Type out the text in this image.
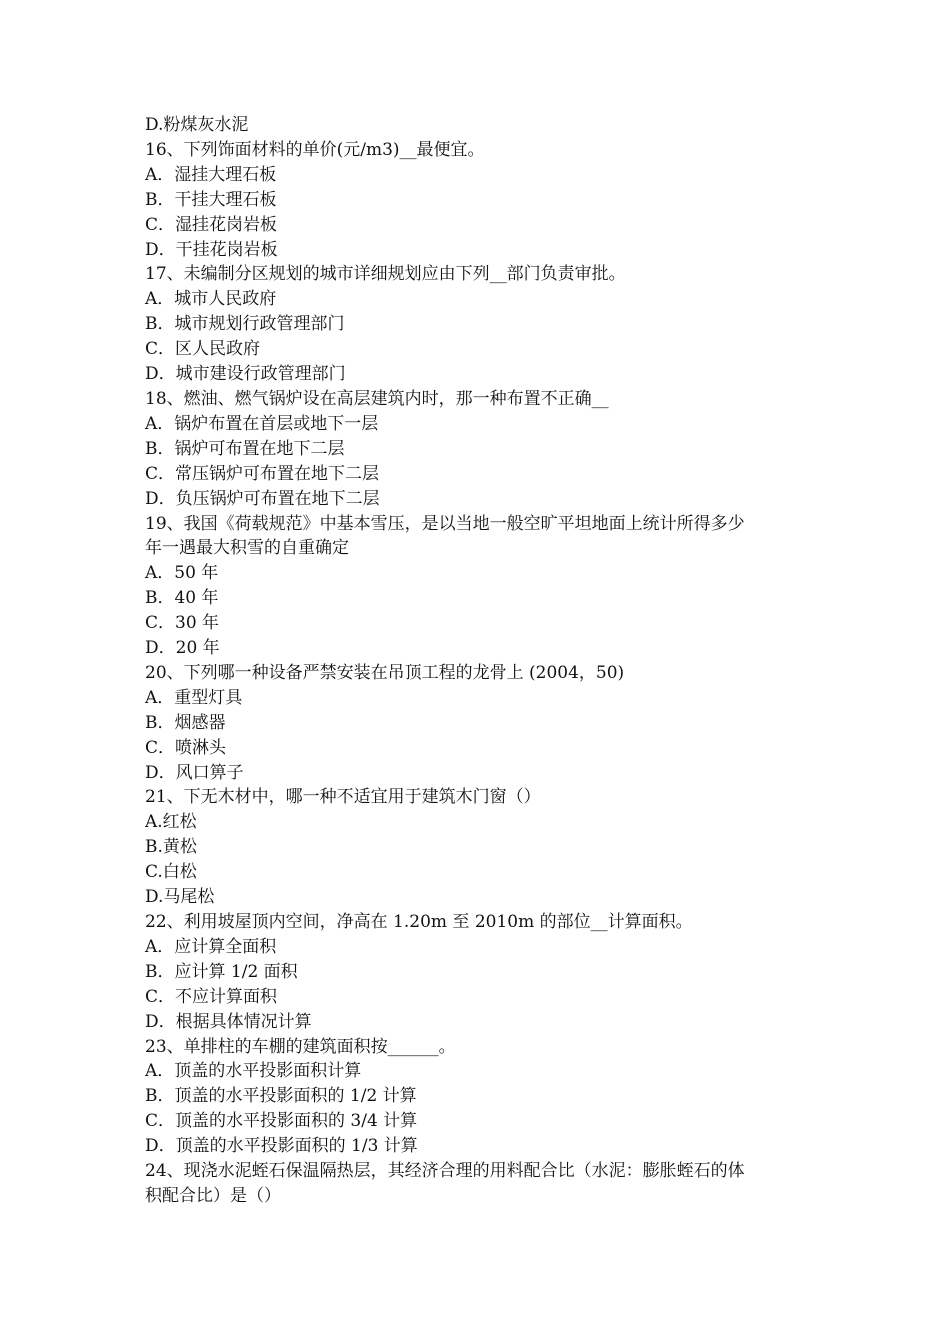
D.粉煤灰水泥

16、下列饰面材料的单价(元/m3)__最便宜。

A．湿挂大理石板

B．干挂大理石板

C．湿挂花岗岩板

D．干挂花岗岩板

17、未编制分区规划的城市详细规划应由下列__部门负责审批。

A．城市人民政府

B．城市规划行政管理部门

C．区人民政府

D．城市建设行政管理部门

18、燃油、燃气锅炉设在高层建筑内时，那一种布置不正确__

A．锅炉布置在首层或地下一层

B．锅炉可布置在地下二层

C．常压锅炉可布置在地下二层

D．负压锅炉可布置在地下二层

19、我国《荷载规范》中基本雪压，是以当地一般空旷平坦地面上统计所得多少

年一遇最大积雪的自重确定

A．50 年

B．40 年

C．30 年

D．20 年

20、下列哪一种设备严禁安装在吊顶工程的龙骨上 (2004，50)

A．重型灯具

B．烟感器

C．喷淋头

D．风口箅子

21、下无木材中，哪一种不适宜用于建筑木门窗（）

A.红松

B.黄松

C.白松

D.马尾松

22、利用坡屋顶内空间，净高在 1.20m 至 2010m 的部位__计算面积。

A．应计算全面积

B．应计算 1/2 面积

C．不应计算面积

D．根据具体情况计算

23、单排柱的车棚的建筑面积按______。

A．顶盖的水平投影面积计算

B．顶盖的水平投影面积的 1/2 计算

C．顶盖的水平投影面积的 3/4 计算

D．顶盖的水平投影面积的 1/3 计算

24、现浇水泥蛭石保温隔热层，其经济合理的用料配合比（水泥：膨胀蛭石的体

积配合比）是（）
